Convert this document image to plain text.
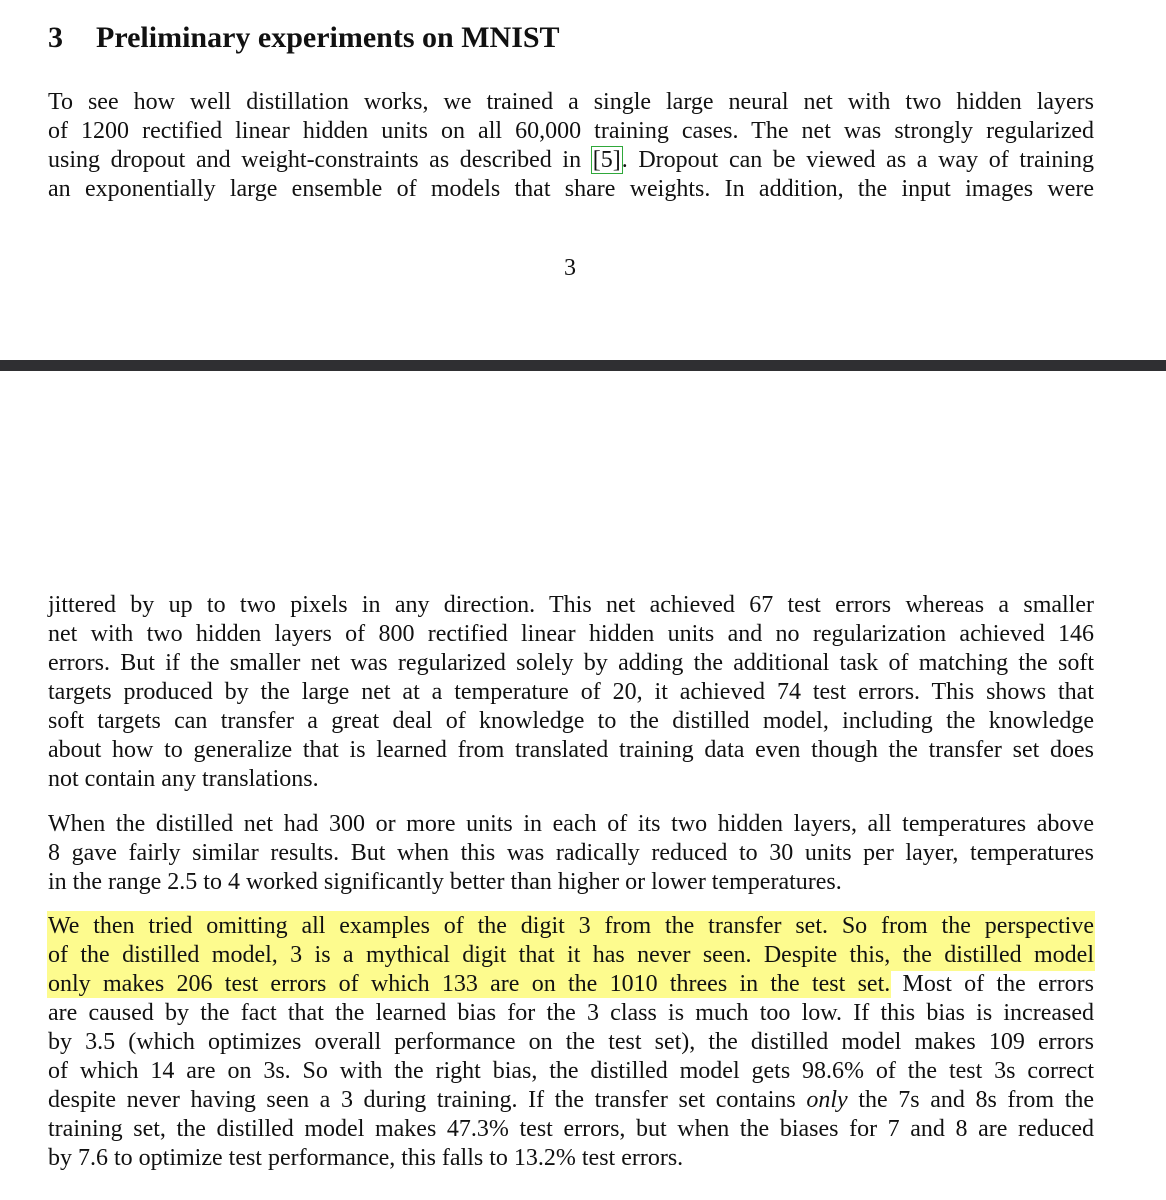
3 Preliminary experiments on MNIST
To see how well distillation works, we trained a single large neural net with two hidden layers
of 1200 rectified linear hidden units on all 60,000 training cases. The net was strongly regularized
using dropout and weight-constraints as described in [5]. Dropout can be viewed as a way of training
an exponentially large ensemble of models that share weights. In addition, the input images were
3
jittered by up to two pixels in any direction. This net achieved 67 test errors whereas a smaller
net with two hidden layers of 800 rectified linear hidden units and no regularization achieved 146
errors. But if the smaller net was regularized solely by adding the additional task of matching the soft
targets produced by the large net at a temperature of 20, it achieved 74 test errors. This shows that
soft targets can transfer a great deal of knowledge to the distilled model, including the knowledge
about how to generalize that is learned from translated training data even though the transfer set does
not contain any translations.
When the distilled net had 300 or more units in each of its two hidden layers, all temperatures above
8 gave fairly similar results. But when this was radically reduced to 30 units per layer, temperatures
in the range 2.5 to 4 worked significantly better than higher or lower temperatures.
We then tried omitting all examples of the digit 3 from the transfer set. So from the perspective
of the distilled model, 3 is a mythical digit that it has never seen. Despite this, the distilled model
only makes 206 test errors of which 133 are on the 1010 threes in the test set. Most of the errors
are caused by the fact that the learned bias for the 3 class is much too low. If this bias is increased
by 3.5 (which optimizes overall performance on the test set), the distilled model makes 109 errors
of which 14 are on 3s. So with the right bias, the distilled model gets 98.6% of the test 3s correct
despite never having seen a 3 during training. If the transfer set contains only the 7s and 8s from the
training set, the distilled model makes 47.3% test errors, but when the biases for 7 and 8 are reduced
by 7.6 to optimize test performance, this falls to 13.2% test errors.
